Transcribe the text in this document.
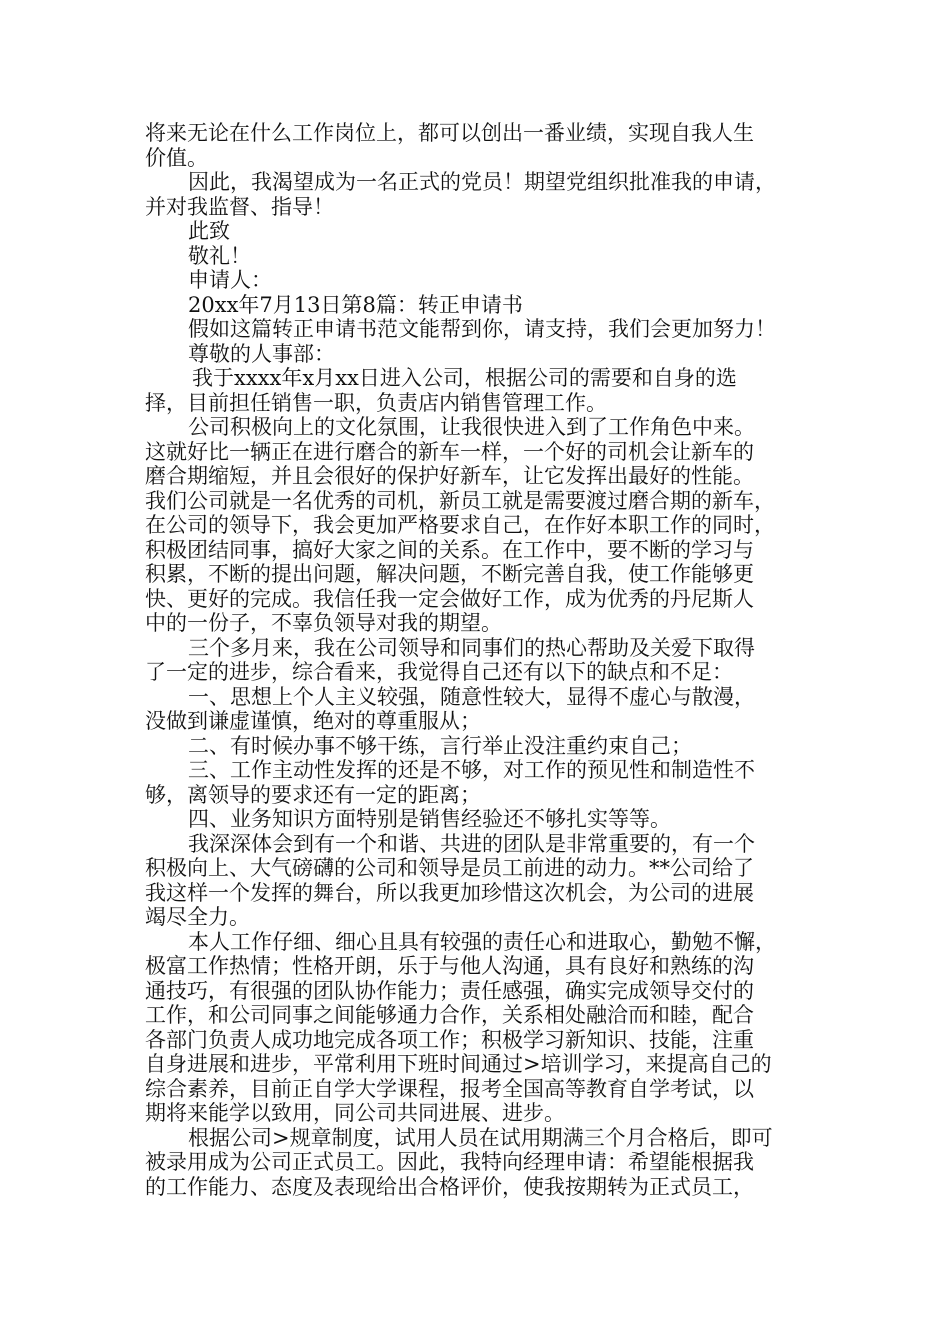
将来无论在什么工作岗位上，都可以创出一番业绩，实现自我人生
价值。
因此，我渴望成为一名正式的党员！期望党组织批准我的申请，
并对我监督、指导！
此致
敬礼！
申请人：
20xx年7月13日第8篇：转正申请书
假如这篇转正申请书范文能帮到你，请支持，我们会更加努力！
尊敬的人事部：
我于xxxx年x月xx日进入公司，根据公司的需要和自身的选
择，目前担任销售一职，负责店内销售管理工作。
公司积极向上的文化氛围，让我很快进入到了工作角色中来。
这就好比一辆正在进行磨合的新车一样，一个好的司机会让新车的
磨合期缩短，并且会很好的保护好新车，让它发挥出最好的性能。
我们公司就是一名优秀的司机，新员工就是需要渡过磨合期的新车，
在公司的领导下，我会更加严格要求自己，在作好本职工作的同时，
积极团结同事，搞好大家之间的关系。在工作中，要不断的学习与
积累，不断的提出问题，解决问题，不断完善自我，使工作能够更
快、更好的完成。我信任我一定会做好工作，成为优秀的丹尼斯人
中的一份子，不辜负领导对我的期望。
三个多月来，我在公司领导和同事们的热心帮助及关爱下取得
了一定的进步，综合看来，我觉得自己还有以下的缺点和不足：
一、思想上个人主义较强，随意性较大，显得不虚心与散漫，
没做到谦虚谨慎，绝对的尊重服从；
二、有时候办事不够干练，言行举止没注重约束自己；
三、工作主动性发挥的还是不够，对工作的预见性和制造性不
够，离领导的要求还有一定的距离；
四、业务知识方面特别是销售经验还不够扎实等等。
我深深体会到有一个和谐、共进的团队是非常重要的，有一个
积极向上、大气磅礴的公司和领导是员工前进的动力。**公司给了
我这样一个发挥的舞台，所以我更加珍惜这次机会，为公司的进展
竭尽全力。
本人工作仔细、细心且具有较强的责任心和进取心，勤勉不懈，
极富工作热情；性格开朗，乐于与他人沟通，具有良好和熟练的沟
通技巧，有很强的团队协作能力；责任感强，确实完成领导交付的
工作，和公司同事之间能够通力合作，关系相处融洽而和睦，配合
各部门负责人成功地完成各项工作；积极学习新知识、技能，注重
自身进展和进步，平常利用下班时间通过>培训学习，来提高自己的
综合素养，目前正自学大学课程，报考全国高等教育自学考试，以
期将来能学以致用，同公司共同进展、进步。
根据公司>规章制度，试用人员在试用期满三个月合格后，即可
被录用成为公司正式员工。因此，我特向经理申请：希望能根据我
的工作能力、态度及表现给出合格评价，使我按期转为正式员工，
